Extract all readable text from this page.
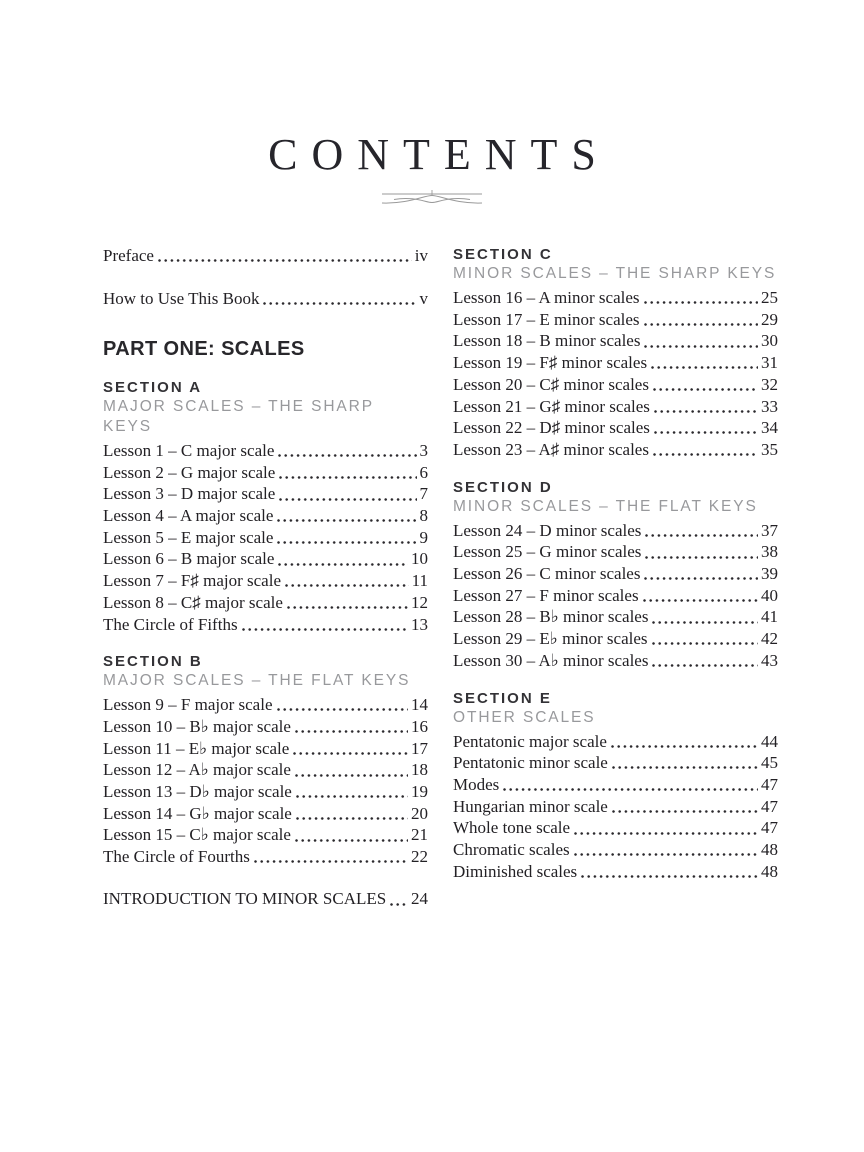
CONTENTS
Preface	iv
How to Use This Book	v
PART ONE: SCALES
SECTION A
MAJOR SCALES – THE SHARP KEYS
Lesson 1 – C major scale	3
Lesson 2 – G major scale	6
Lesson 3 – D major scale	7
Lesson 4 – A major scale	8
Lesson 5 – E major scale	9
Lesson 6 – B major scale	10
Lesson 7 – F♯ major scale	11
Lesson 8 – C♯ major scale	12
The Circle of Fifths	13
SECTION B
MAJOR SCALES – THE FLAT KEYS
Lesson 9 – F major scale	14
Lesson 10 – B♭ major scale	16
Lesson 11 – E♭ major scale	17
Lesson 12 – A♭ major scale	18
Lesson 13 – D♭ major scale	19
Lesson 14 – G♭ major scale	20
Lesson 15 – C♭ major scale	21
The Circle of Fourths	22
INTRODUCTION TO MINOR SCALES 24
SECTION C
MINOR SCALES – THE SHARP KEYS
Lesson 16 – A minor scales	25
Lesson 17 – E minor scales	29
Lesson 18 – B minor scales	30
Lesson 19 – F♯ minor scales	31
Lesson 20 – C♯ minor scales	32
Lesson 21 – G♯ minor scales	33
Lesson 22 – D♯ minor scales	34
Lesson 23 – A♯ minor scales	35
SECTION D
MINOR SCALES – THE FLAT KEYS
Lesson 24 – D minor scales	37
Lesson 25 – G minor scales	38
Lesson 26 – C minor scales	39
Lesson 27 – F minor scales	40
Lesson 28 – B♭ minor scales	41
Lesson 29 – E♭ minor scales	42
Lesson 30 – A♭ minor scales	43
SECTION E
OTHER SCALES
Pentatonic major scale	44
Pentatonic minor scale	45
Modes	47
Hungarian minor scale	47
Whole tone scale	47
Chromatic scales	48
Diminished scales	48
